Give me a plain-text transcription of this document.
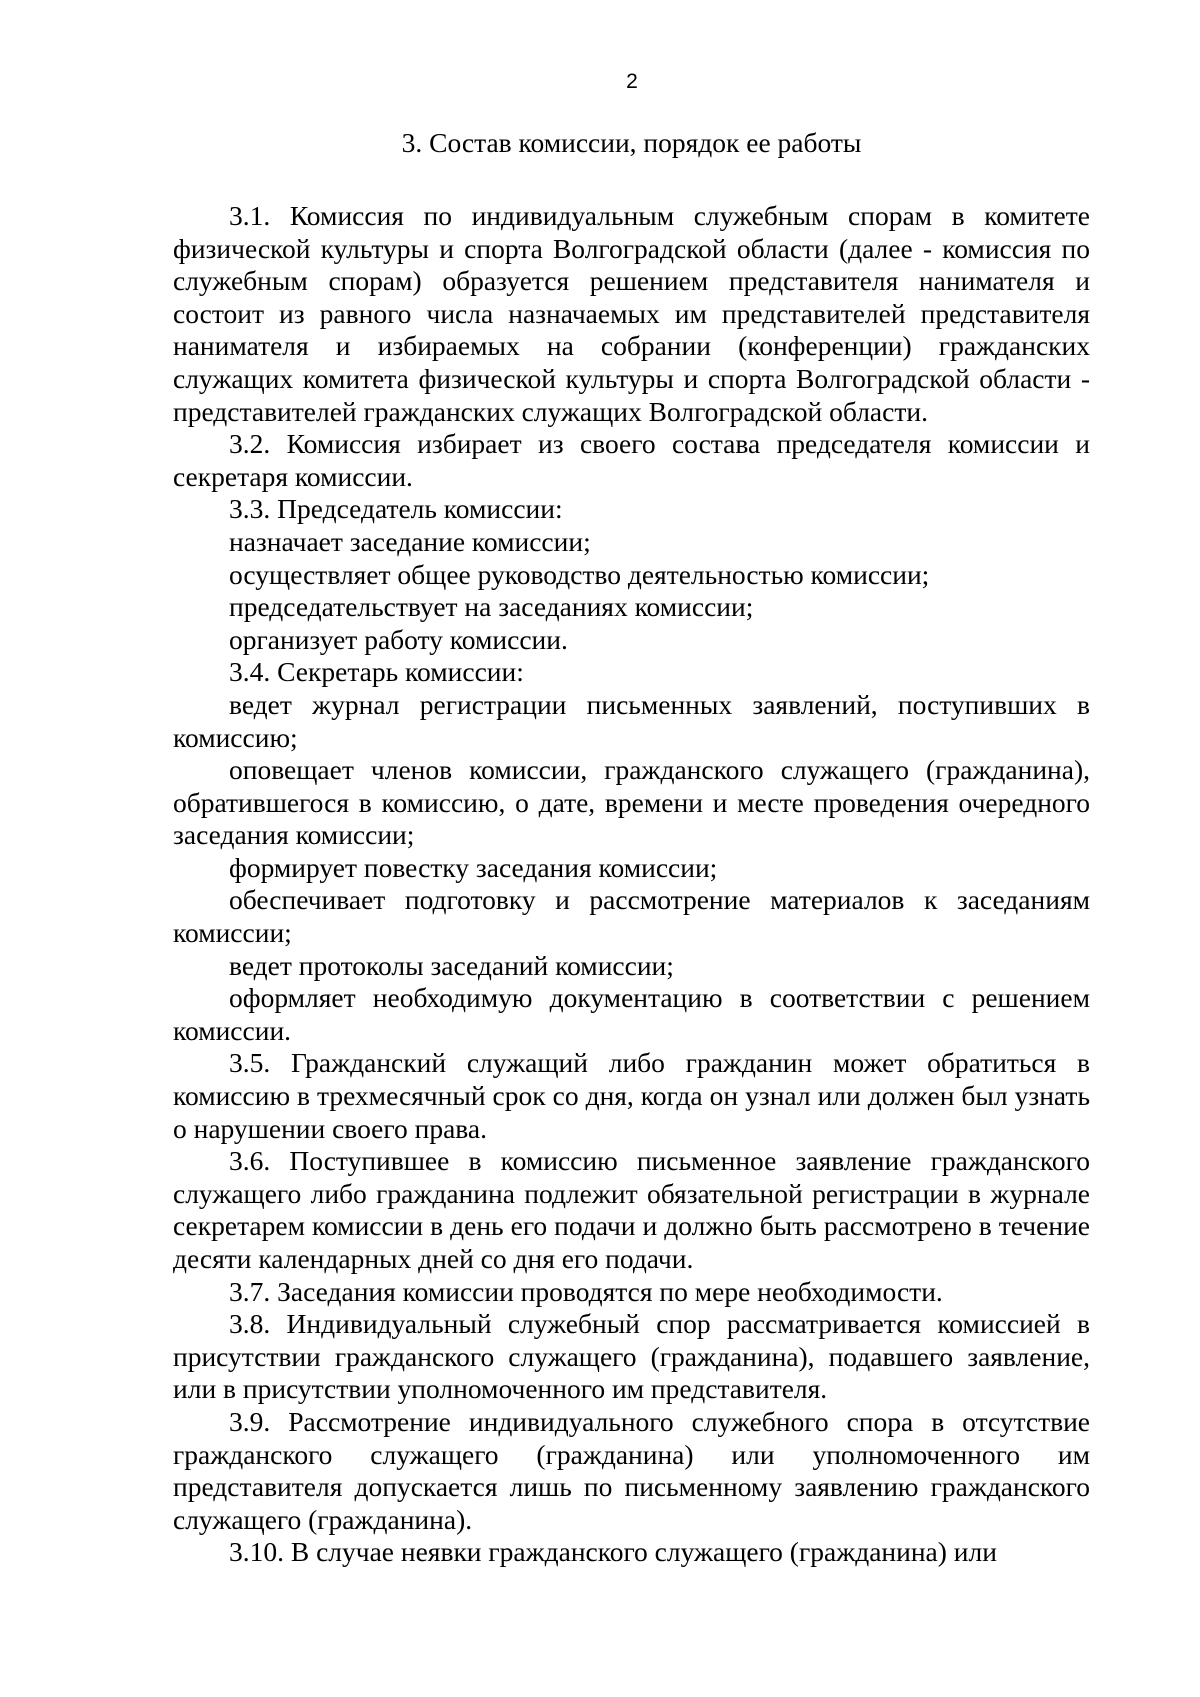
2
3. Состав комиссии, порядок ее работы

3.1. Комиссия по индивидуальным служебным спорам в комитете физической культуры и спорта Волгоградской области (далее - комиссия по служебным спорам) образуется решением представителя нанимателя и состоит из равного числа назначаемых им представителей представителя нанимателя и избираемых на собрании (конференции) гражданских служащих комитета физической культуры и спорта Волгоградской области - представителей гражданских служащих Волгоградской области.

3.2. Комиссия избирает из своего состава председателя комиссии и секретаря комиссии.

3.3. Председатель комиссии:

назначает заседание комиссии;

осуществляет общее руководство деятельностью комиссии;

председательствует на заседаниях комиссии;

организует работу комиссии.

3.4. Секретарь комиссии:

ведет журнал регистрации письменных заявлений, поступивших в комиссию;

оповещает членов комиссии, гражданского служащего (гражданина), обратившегося в комиссию, о дате, времени и месте проведения очередного заседания комиссии;

формирует повестку заседания комиссии;

обеспечивает подготовку и рассмотрение материалов к заседаниям комиссии;

ведет протоколы заседаний комиссии;

оформляет необходимую документацию в соответствии с решением комиссии.

3.5. Гражданский служащий либо гражданин может обратиться в комиссию в трехмесячный срок со дня, когда он узнал или должен был узнать о нарушении своего права.

3.6. Поступившее в комиссию письменное заявление гражданского служащего либо гражданина подлежит обязательной регистрации в журнале секретарем комиссии в день его подачи и должно быть рассмотрено в течение десяти календарных дней со дня его подачи.

3.7. Заседания комиссии проводятся по мере необходимости.

3.8. Индивидуальный служебный спор рассматривается комиссией в присутствии гражданского служащего (гражданина), подавшего заявление, или в присутствии уполномоченного им представителя.

3.9. Рассмотрение индивидуального служебного спора в отсутствие гражданского служащего (гражданина) или уполномоченного им представителя допускается лишь по письменному заявлению гражданского служащего (гражданина).

3.10. В случае неявки гражданского служащего (гражданина) или
